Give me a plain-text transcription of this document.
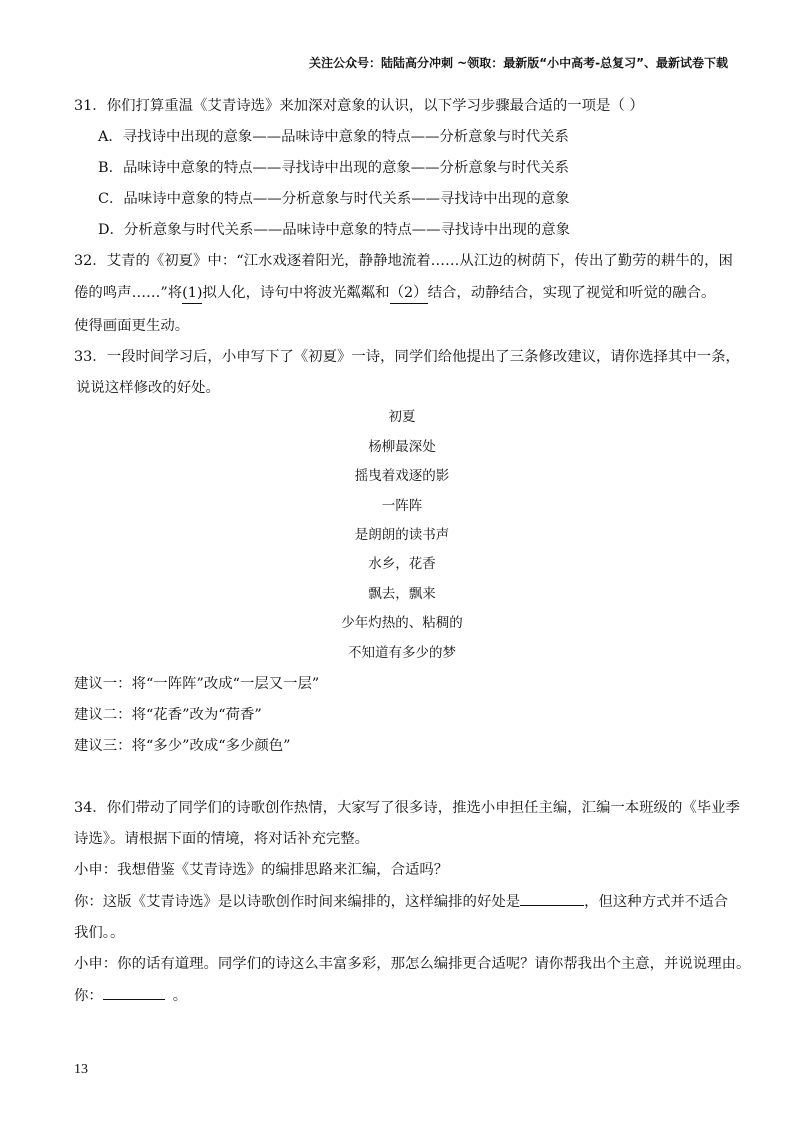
关注公众号：陆陆高分冲刺 ~领取：最新版“小中高考-总复习”、最新试卷下载
31．你们打算重温《艾青诗选》来加深对意象的认识，以下学习步骤最合适的一项是（ ）
A．寻找诗中出现的意象——品味诗中意象的特点——分析意象与时代关系
B．品味诗中意象的特点——寻找诗中出现的意象——分析意象与时代关系
C．品味诗中意象的特点——分析意象与时代关系——寻找诗中出现的意象
D．分析意象与时代关系——品味诗中意象的特点——寻找诗中出现的意象
32．艾青的《初夏》中：“江水戏逐着阳光，静静地流着……从江边的树荫下，传出了勤劳的耕牛的，困
倦的鸣声……”将(1)拟人化，诗句中将波光粼粼和（2）结合，动静结合，实现了视觉和听觉的融合。
使得画面更生动。
33．一段时间学习后，小申写下了《初夏》一诗，同学们给他提出了三条修改建议，请你选择其中一条，
说说这样修改的好处。
初夏
杨柳最深处
摇曳着戏逐的影
一阵阵
是朗朗的读书声
水乡，花香
飘去，飘来
少年灼热的、粘稠的
不知道有多少的梦
建议一：将“一阵阵”改成“一层又一层”
建议二：将“花香”改为“荷香”
建议三：将“多少”改成“多少颜色”
34．你们带动了同学们的诗歌创作热情，大家写了很多诗，推选小申担任主编，汇编一本班级的《毕业季
诗选》。请根据下面的情境，将对话补充完整。
小申：我想借鉴《艾青诗选》的编排思路来汇编，合适吗？
你：这版《艾青诗选》是以诗歌创作时间来编排的，这样编排的好处是	，但这种方式并不适合
我们。。
小申：你的话有道理。同学们的诗这么丰富多彩，那怎么编排更合适呢？请你帮我出个主意，并说说理由。
你：	。
13
